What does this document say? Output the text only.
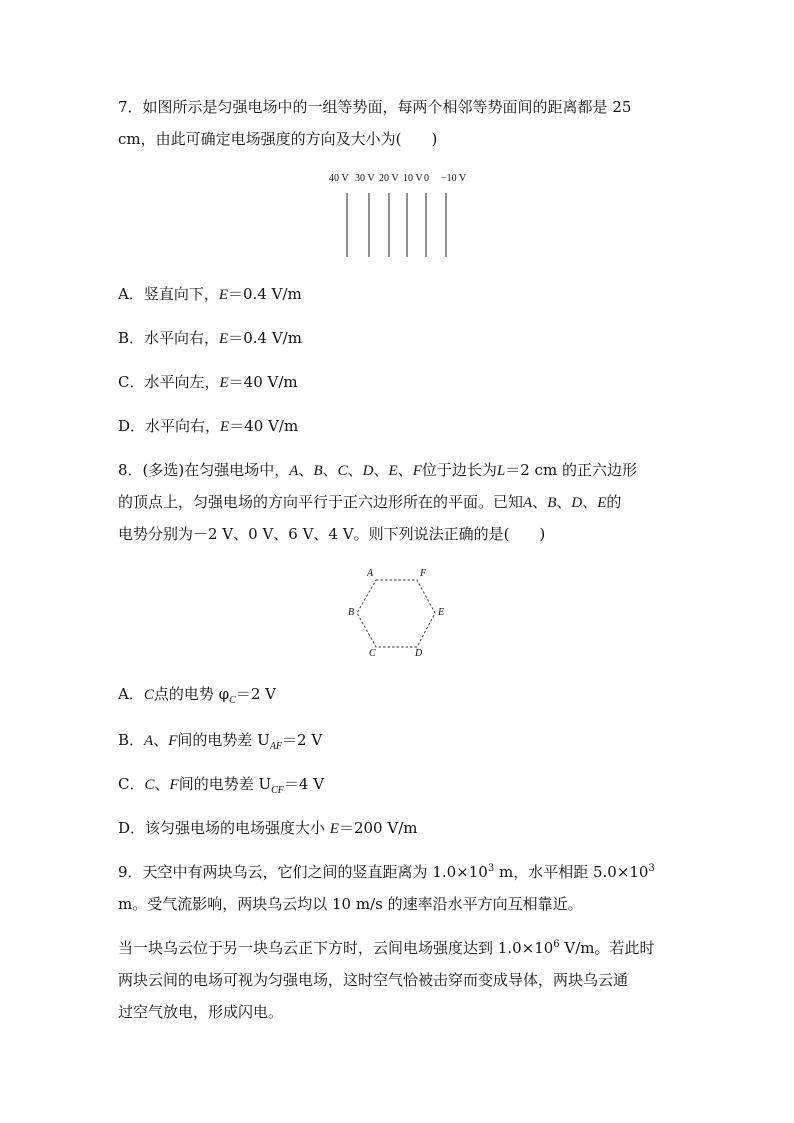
7．如图所示是匀强电场中的一组等势面，每两个相邻等势面间的距离都是 25
cm，由此可确定电场强度的方向及大小为(　　)
40 V 30 V 20 V 10 V 0 −10 V
A．竖直向下，E＝0.4 V/m
B．水平向右，E＝0.4 V/m
C．水平向左，E＝40 V/m
D．水平向右，E＝40 V/m
8．(多选)在匀强电场中，A、B、C、D、E、F位于边长为L＝2 cm 的正六边形
的顶点上，匀强电场的方向平行于正六边形所在的平面。已知A、B、D、E的
电势分别为－2 V、0 V、6 V、4 V。则下列说法正确的是(　　)
A	F
B	E
C	D
A．C点的电势 $\varphi_C=2$ V
B．A、F间的电势差 $U_{AF}=2$ V
C．C、F间的电势差 $U_{CF}=4$ V
D．该匀强电场的电场强度大小 E＝200 V/m
9．天空中有两块乌云，它们之间的竖直距离为 $1.0\times 10^3$ m，水平相距 $5.0\times 10^3$
m。受气流影响，两块乌云均以 10 m/s 的速率沿水平方向互相靠近。
当一块乌云位于另一块乌云正下方时，云间电场强度达到 $1.0\times 10^6$ V/m。若此时
两块云间的电场可视为匀强电场，这时空气恰被击穿而变成导体，两块乌云通
过空气放电，形成闪电。
